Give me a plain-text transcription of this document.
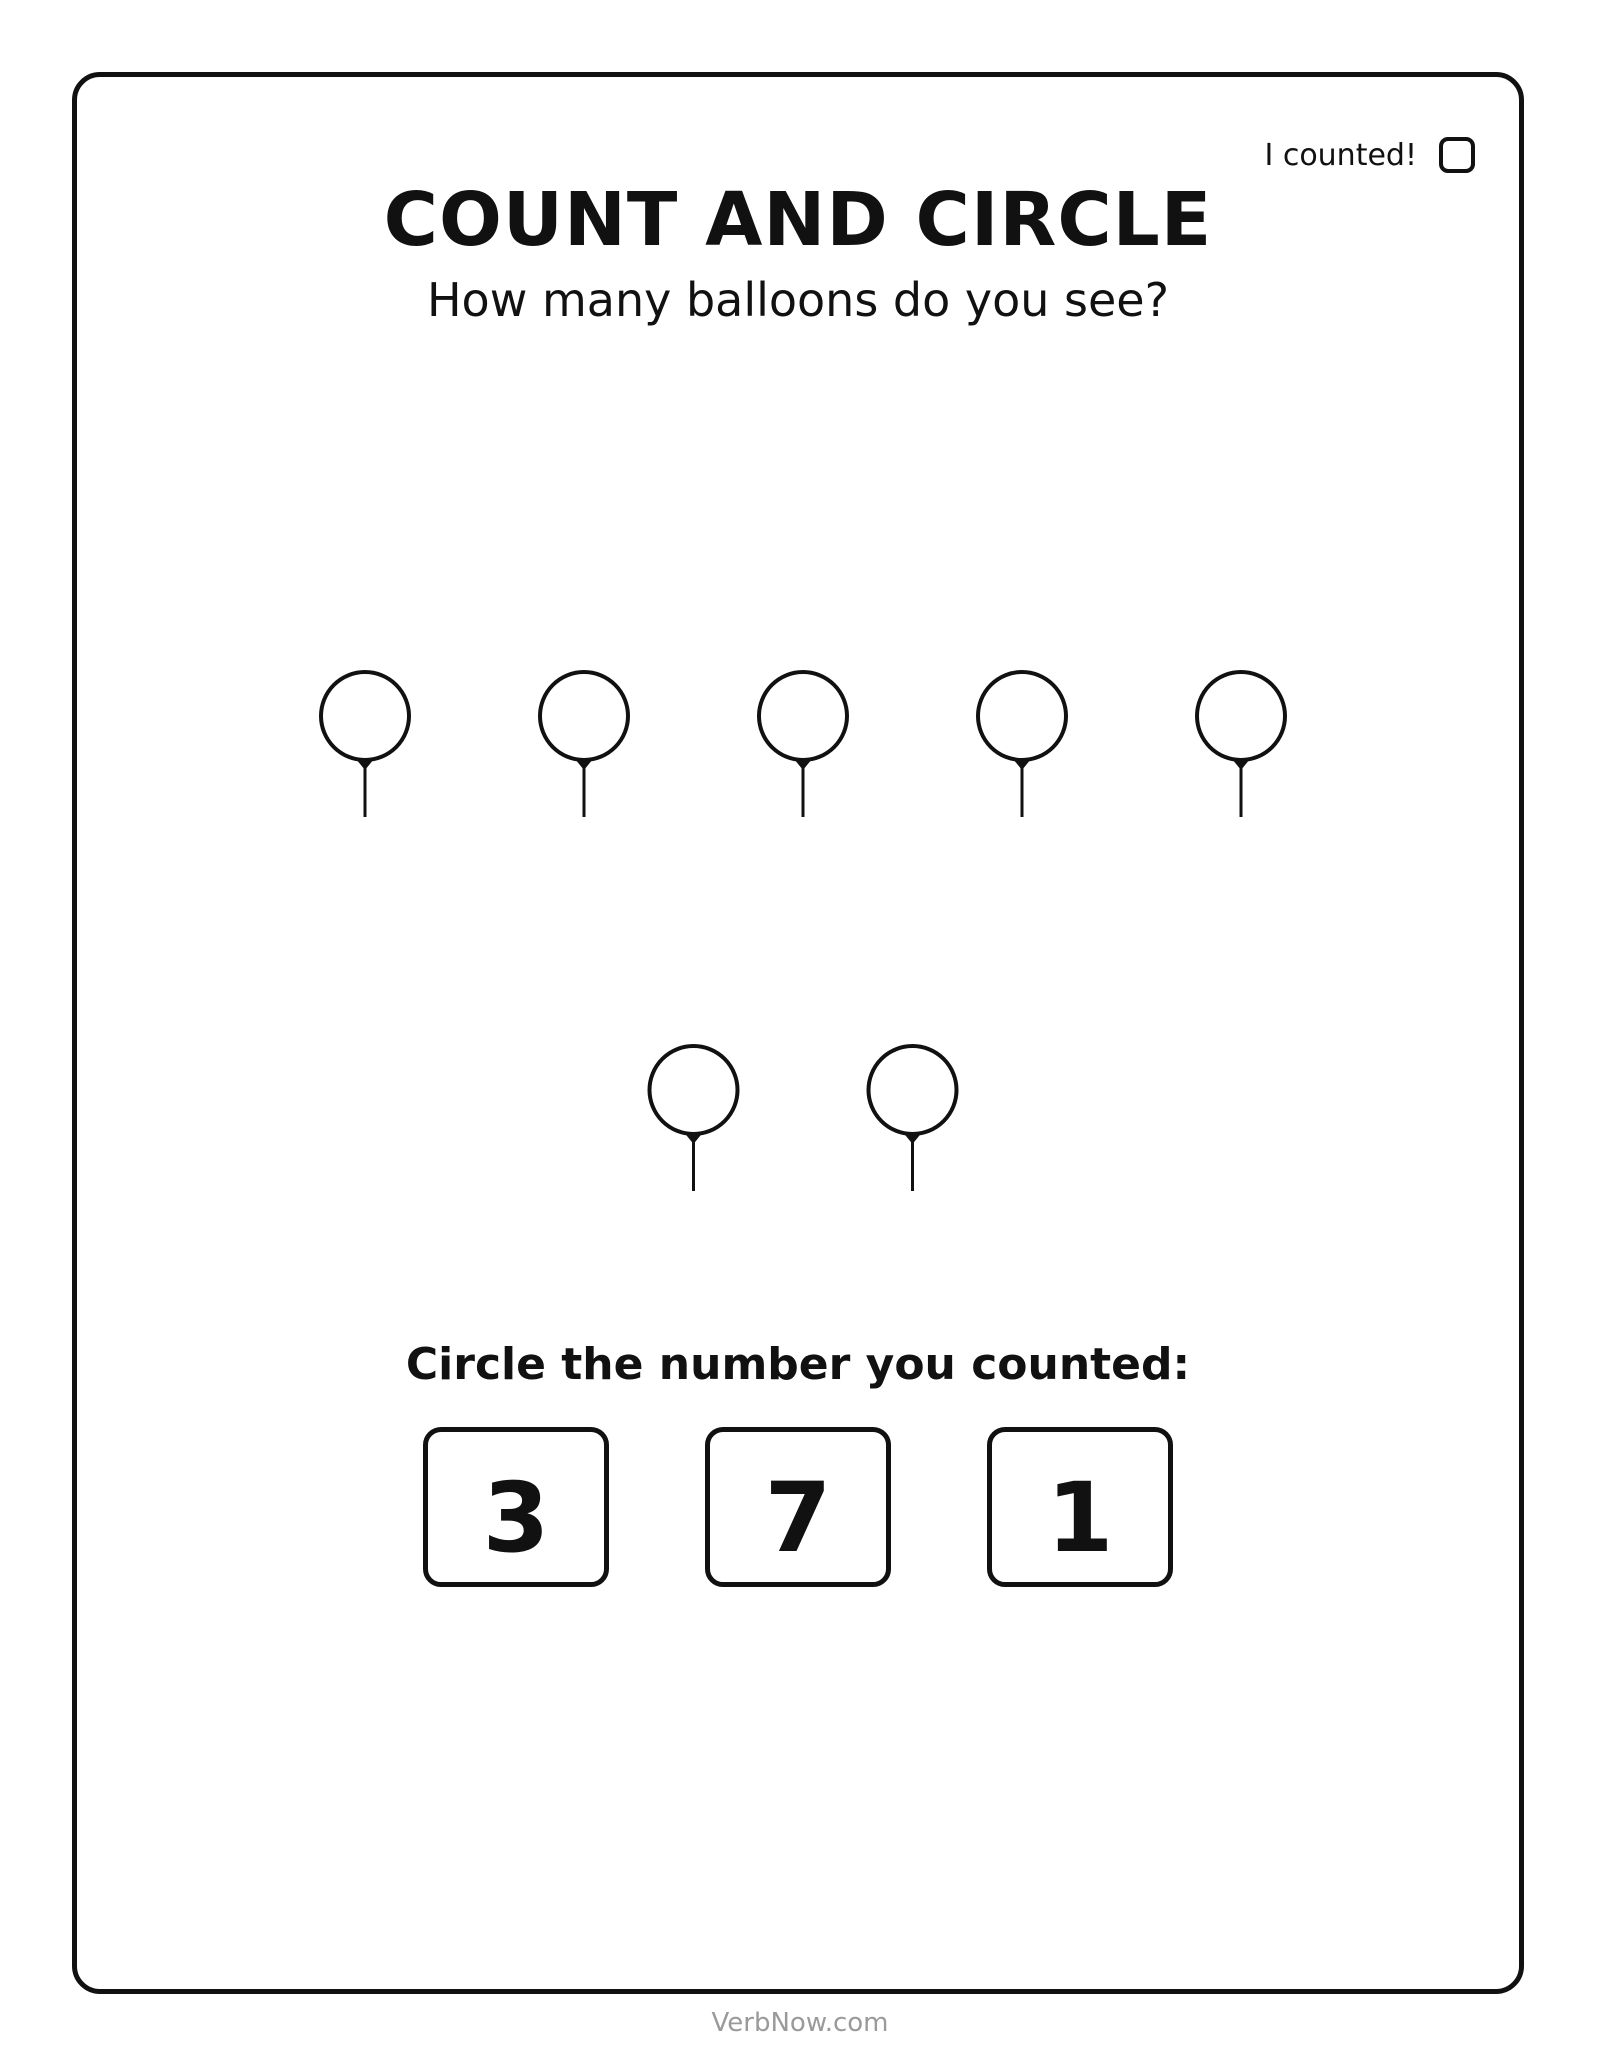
I counted!
COUNT AND CIRCLE

How many balloons do you see?

Circle the number you counted:

3	7	1
VerbNow.com
